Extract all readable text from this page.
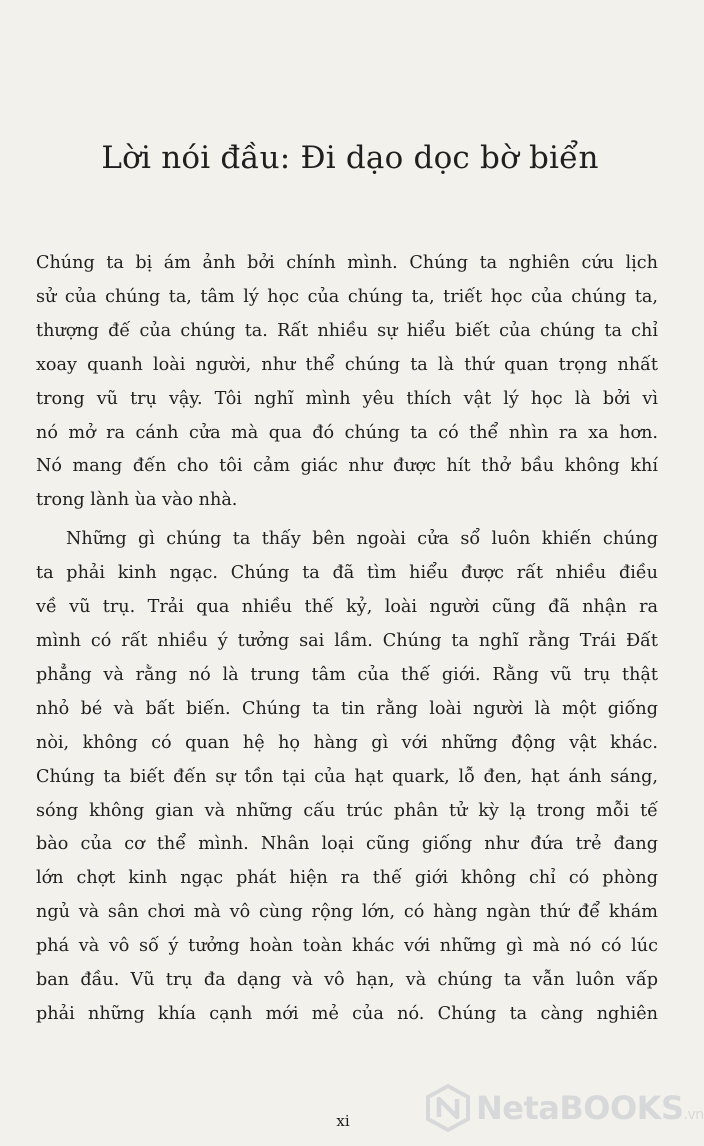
Lời nói đầu: Đi dạo dọc bờ biển
Chúng ta bị ám ảnh bởi chính mình. Chúng ta nghiên cứu lịch
sử của chúng ta, tâm lý học của chúng ta, triết học của chúng ta,
thượng đế của chúng ta. Rất nhiều sự hiểu biết của chúng ta chỉ
xoay quanh loài người, như thể chúng ta là thứ quan trọng nhất
trong vũ trụ vậy. Tôi nghĩ mình yêu thích vật lý học là bởi vì
nó mở ra cánh cửa mà qua đó chúng ta có thể nhìn ra xa hơn.
Nó mang đến cho tôi cảm giác như được hít thở bầu không khí
trong lành ùa vào nhà.
Những gì chúng ta thấy bên ngoài cửa sổ luôn khiến chúng
ta phải kinh ngạc. Chúng ta đã tìm hiểu được rất nhiều điều
về vũ trụ. Trải qua nhiều thế kỷ, loài người cũng đã nhận ra
mình có rất nhiều ý tưởng sai lầm. Chúng ta nghĩ rằng Trái Đất
phẳng và rằng nó là trung tâm của thế giới. Rằng vũ trụ thật
nhỏ bé và bất biến. Chúng ta tin rằng loài người là một giống
nòi, không có quan hệ họ hàng gì với những động vật khác.
Chúng ta biết đến sự tồn tại của hạt quark, lỗ đen, hạt ánh sáng,
sóng không gian và những cấu trúc phân tử kỳ lạ trong mỗi tế
bào của cơ thể mình. Nhân loại cũng giống như đứa trẻ đang
lớn chợt kinh ngạc phát hiện ra thế giới không chỉ có phòng
ngủ và sân chơi mà vô cùng rộng lớn, có hàng ngàn thứ để khám
phá và vô số ý tưởng hoàn toàn khác với những gì mà nó có lúc
ban đầu. Vũ trụ đa dạng và vô hạn, và chúng ta vẫn luôn vấp
phải những khía cạnh mới mẻ của nó. Chúng ta càng nghiên
xi	NetaBOOKS.vn
